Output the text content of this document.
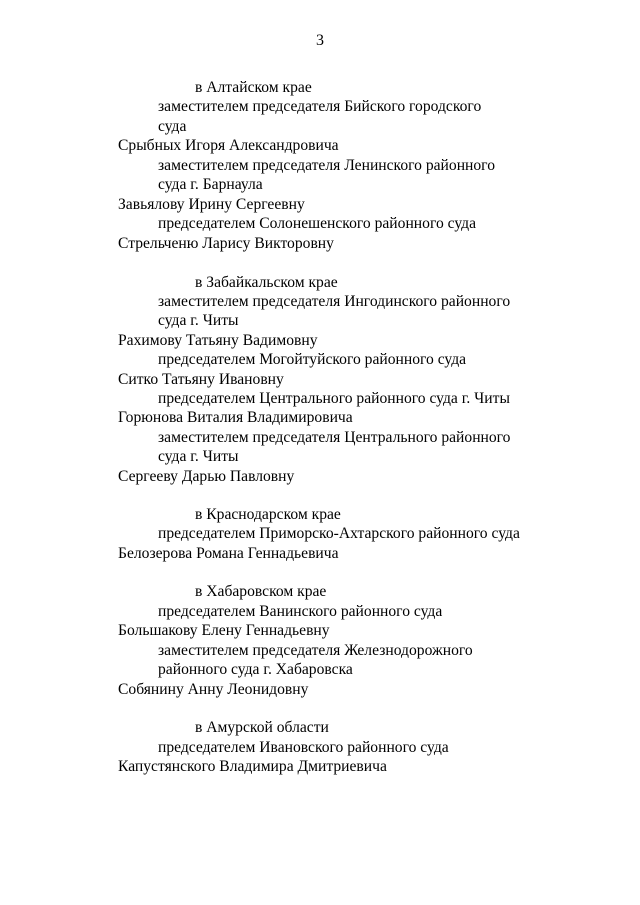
3
в Алтайском крае
заместителем председателя Бийского городского
суда
Срыбных Игоря Александровича
заместителем председателя Ленинского районного
суда г. Барнаула
Завьялову Ирину Сергеевну
председателем Солонешенского районного суда
Стрельченю Ларису Викторовну
в Забайкальском крае
заместителем председателя Ингодинского районного
суда г. Читы
Рахимову Татьяну Вадимовну
председателем Могойтуйского районного суда
Ситко Татьяну Ивановну
председателем Центрального районного суда г. Читы
Горюнова Виталия Владимировича
заместителем председателя Центрального районного
суда г. Читы
Сергееву Дарью Павловну
в Краснодарском крае
председателем Приморско-Ахтарского районного суда
Белозерова Романа Геннадьевича
в Хабаровском крае
председателем Ванинского районного суда
Большакову Елену Геннадьевну
заместителем председателя Железнодорожного
районного суда г. Хабаровска
Собянину Анну Леонидовну
в Амурской области
председателем Ивановского районного суда
Капустянского Владимира Дмитриевича
